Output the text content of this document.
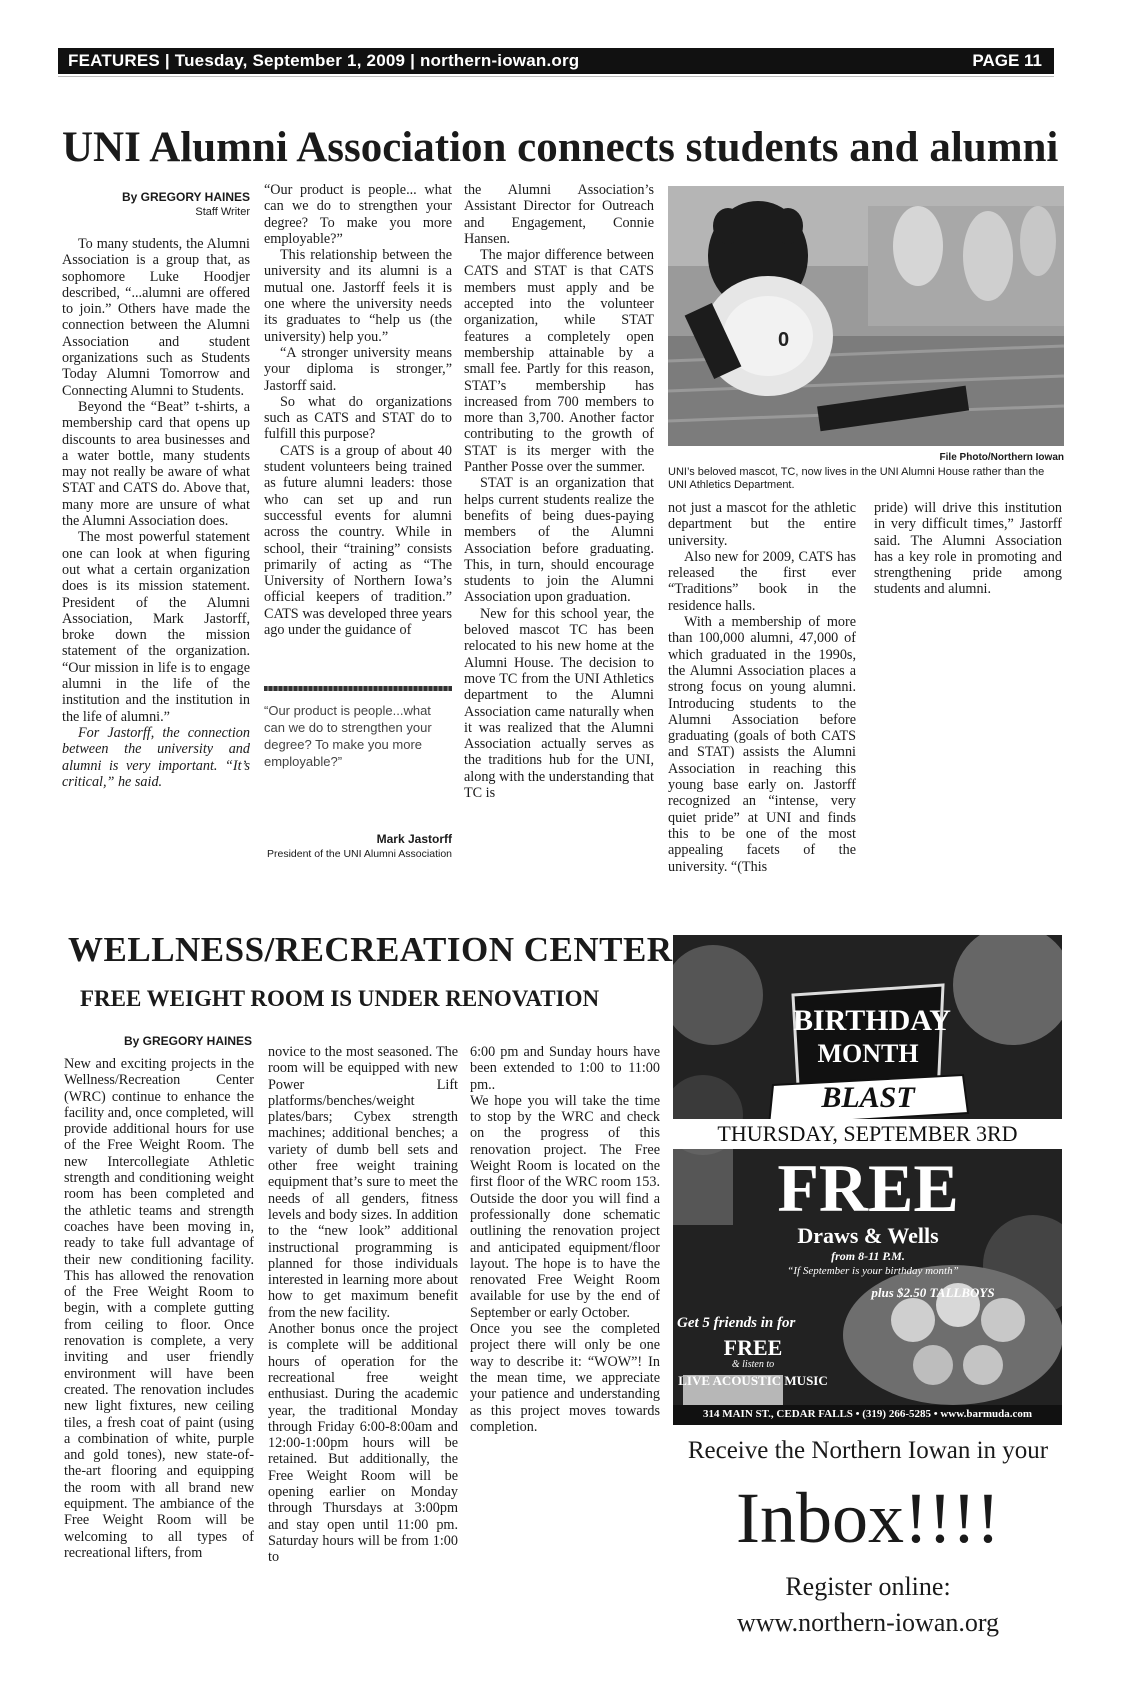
FEATURES | Tuesday, September 1, 2009 | northern-iowan.org	PAGE 11
UNI Alumni Association connects students and alumni
By GREGORY HAINES
Staff Writer

To many students, the Alumni Association is a group that, as sophomore Luke Hoodjer described, “...alumni are offered to join.” Others have made the connection between the Alumni Association and student organizations such as Students Today Alumni Tomorrow and Connecting Alumni to Students.

Beyond the “Beat” t-shirts, a membership card that opens up discounts to area businesses and a water bottle, many students may not really be aware of what STAT and CATS do. Above that, many more are unsure of what the Alumni Association does.

The most powerful statement one can look at when figuring out what a certain organization does is its mission statement. President of the Alumni Association, Mark Jastorff, broke down the mission statement of the organization. “Our mission in life is to engage alumni in the life of the institution and the institution in the life of alumni.”

For Jastorff, the connection between the university and alumni is very important. “It’s critical,” he said.

“Our product is people... what can we do to strengthen your degree? To make you more employable?”

This relationship between the university and its alumni is a mutual one. Jastorff feels it is one where the university needs its graduates to “help us (the university) help you.”

“A stronger university means your diploma is stronger,” Jastorff said.

So what do organizations such as CATS and STAT do to fulfill this purpose?

CATS is a group of about 40 student volunteers being trained as future alumni leaders: those who can set up and run successful events for alumni across the country. While in school, their “training” consists primarily of acting as “The University of Northern Iowa’s official keepers of tradition.” CATS was developed three years ago under the guidance of

“Our product is people...what can we do to strengthen your degree? To make you more employable?”
Mark Jastorff
President of the UNI Alumni Association

the Alumni Association’s Assistant Director for Outreach and Engagement, Connie Hansen.

The major difference between CATS and STAT is that CATS members must apply and be accepted into the volunteer organization, while STAT features a completely open membership attainable by a small fee. Partly for this reason, STAT’s membership has increased from 700 members to more than 3,700. Another factor contributing to the growth of STAT is its merger with the Panther Posse over the summer.

STAT is an organization that helps current students realize the benefits of being dues-paying members of the Alumni Association before graduating. This, in turn, should encourage students to join the Alumni Association upon graduation.

New for this school year, the beloved mascot TC has been relocated to his new home at the Alumni House. The decision to move TC from the UNI Athletics department to the Alumni Association came naturally when it was realized that the Alumni Association actually serves as the traditions hub for the UNI, along with the understanding that TC is

0
File Photo/Northern Iowan
UNI’s beloved mascot, TC, now lives in the UNI Alumni House rather than the UNI Athletics Department.

not just a mascot for the athletic department but the entire university.

Also new for 2009, CATS has released the first ever “Traditions” book in the residence halls.

With a membership of more than 100,000 alumni, 47,000 of which graduated in the 1990s, the Alumni Association places a strong focus on young alumni. Introducing students to the Alumni Association before graduating (goals of both CATS and STAT) assists the Alumni Association in reaching this young base early on. Jastorff recognized an “intense, very quiet pride” at UNI and finds this to be one of the most appealing facets of the university. “(This

pride) will drive this institution in very difficult times,” Jastorff said. The Alumni Association has a key role in promoting and strengthening pride among students and alumni.

WELLNESS/RECREATION CENTER
FREE WEIGHT ROOM IS UNDER RENOVATION
By GREGORY HAINES

New and exciting projects in the Wellness/Recreation Center (WRC) continue to enhance the facility and, once completed, will provide additional hours for use of the Free Weight Room. The new Intercollegiate Athletic strength and conditioning weight room has been completed and the athletic teams and strength coaches have been moving in, ready to take full advantage of their new conditioning facility. This has allowed the renovation of the Free Weight Room to begin, with a complete gutting from ceiling to floor. Once renovation is complete, a very inviting and user friendly environment will have been created. The renovation includes new light fixtures, new ceiling tiles, a fresh coat of paint (using a combination of white, purple and gold tones), new state-of-the-art flooring and equipping the room with all brand new equipment. The ambiance of the Free Weight Room will be welcoming to all types of recreational lifters, from

novice to the most seasoned. The room will be equipped with new Power Lift platforms/benches/weight plates/bars; Cybex strength machines; additional benches; a variety of dumb bell sets and other free weight training equipment that’s sure to meet the needs of all genders, fitness levels and body sizes. In addition to the “new look” additional instructional programming is planned for those individuals interested in learning more about how to get maximum benefit from the new facility.

Another bonus once the project is complete will be additional hours of operation for the recreational free weight enthusiast. During the academic year, the traditional Monday through Friday 6:00-8:00am and 12:00-1:00pm hours will be retained. But additionally, the Free Weight Room will be opening earlier on Monday through Thursdays at 3:00pm and stay open until 11:00 pm. Saturday hours will be from 1:00 to

6:00 pm and Sunday hours have been extended to 1:00 to 11:00 pm..

We hope you will take the time to stop by the WRC and check on the progress of this renovation project. The Free Weight Room is located on the first floor of the WRC room 153. Outside the door you will find a professionally done schematic outlining the renovation project and anticipated equipment/floor layout. The hope is to have the renovated Free Weight Room available for use by the end of September or early October.

Once you see the completed project there will only be one way to describe it: “WOW”! In the mean time, we appreciate your patience and understanding as this project moves towards completion.

BIRTHDAY
MONTH
BLAST
THURSDAY, SEPTEMBER 3RD
FREE
Draws & Wells
from 8-11 P.M.
“If September is your birthday month”
plus $2.50 TALLBOYS
Get 5 friends in for
FREE
& listen to
LIVE ACOUSTIC MUSIC
314 MAIN ST., CEDAR FALLS • (319) 266-5285 • www.barmuda.com
Receive the Northern Iowan in your
Inbox!!!!
Register online:
www.northern-iowan.org
